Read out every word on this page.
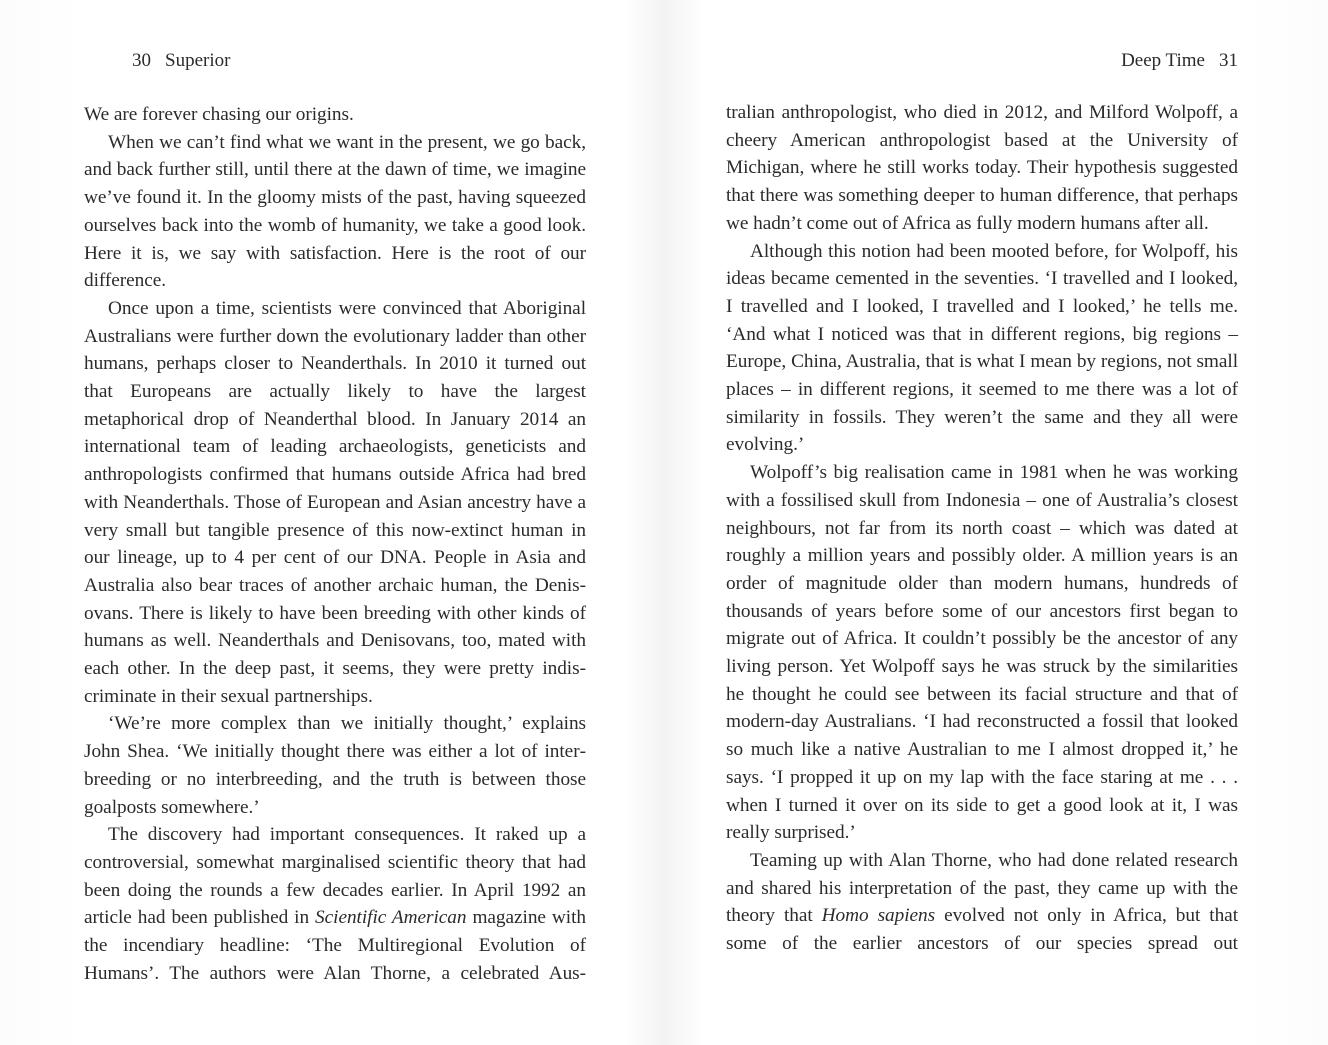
30 Superior

We are forever chasing our origins.

When we can’t find what we want in the present, we go back, and back further still, until there at the dawn of time, we imagine we’ve found it. In the gloomy mists of the past, having squeezed ourselves back into the womb of humanity, we take a good look. Here it is, we say with satisfaction. Here is the root of our difference.

Once upon a time, scientists were convinced that Aboriginal Australians were further down the evolutionary ladder than other humans, perhaps closer to Neanderthals. In 2010 it turned out that Europeans are actually likely to have the largest metaphorical drop of Neanderthal blood. In January 2014 an international team of leading archaeologists, geneticists and anthropologists confirmed that humans outside Africa had bred with Neanderthals. Those of European and Asian ancestry have a very small but tangible presence of this now-extinct human in our lineage, up to 4 per cent of our DNA. People in Asia and Australia also bear traces of another archaic human, the Denisovans. There is likely to have been breeding with other kinds of humans as well. Neanderthals and Denisovans, too, mated with each other. In the deep past, it seems, they were pretty indiscriminate in their sexual partnerships.

‘We’re more complex than we initially thought,’ explains John Shea. ‘We initially thought there was either a lot of interbreeding or no interbreeding, and the truth is between those goalposts somewhere.’

The discovery had important consequences. It raked up a controversial, somewhat marginalised scientific theory that had been doing the rounds a few decades earlier. In April 1992 an article had been published in Scientific American magazine with the incendiary headline: ‘The Multiregional Evolution of Humans’. The authors were Alan Thorne, a celebrated Aus-

Deep Time 31

tralian anthropologist, who died in 2012, and Milford Wolpoff, a cheery American anthropologist based at the University of Michigan, where he still works today. Their hypothesis suggested that there was something deeper to human difference, that perhaps we hadn’t come out of Africa as fully modern humans after all.

Although this notion had been mooted before, for Wolpoff, his ideas became cemented in the seventies. ‘I travelled and I looked, I travelled and I looked, I travelled and I looked,’ he tells me. ‘And what I noticed was that in different regions, big regions – Europe, China, Australia, that is what I mean by regions, not small places – in different regions, it seemed to me there was a lot of similarity in fossils. They weren’t the same and they all were evolving.’

Wolpoff’s big realisation came in 1981 when he was working with a fossilised skull from Indonesia – one of Australia’s closest neighbours, not far from its north coast – which was dated at roughly a million years and possibly older. A million years is an order of magnitude older than modern humans, hundreds of thousands of years before some of our ancestors first began to migrate out of Africa. It couldn’t possibly be the ancestor of any living person. Yet Wolpoff says he was struck by the similarities he thought he could see between its facial structure and that of modern-day Australians. ‘I had reconstructed a fossil that looked so much like a native Australian to me I almost dropped it,’ he says. ‘I propped it up on my lap with the face staring at me . . . when I turned it over on its side to get a good look at it, I was really surprised.’

Teaming up with Alan Thorne, who had done related research and shared his interpretation of the past, they came up with the theory that Homo sapiens evolved not only in Africa, but that some of the earlier ancestors of our species spread out
